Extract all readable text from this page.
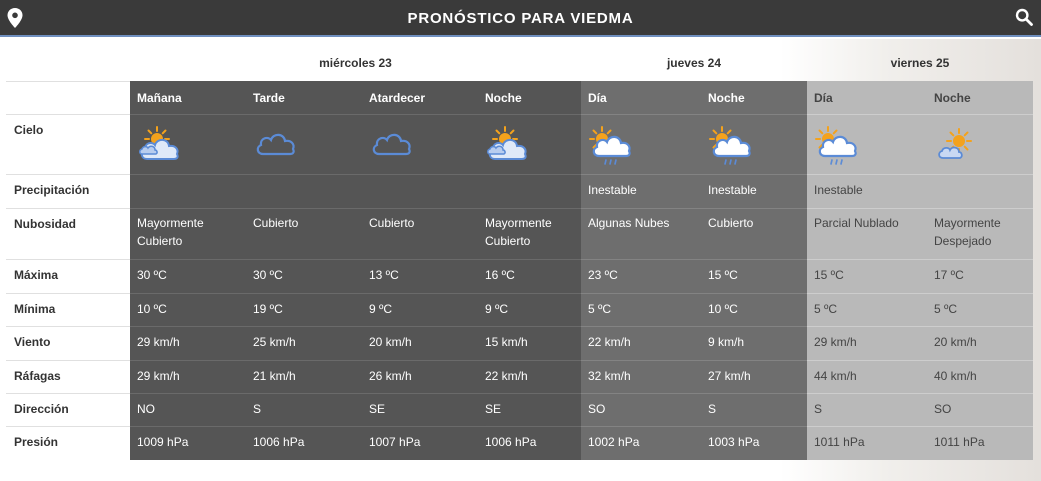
PRONÓSTICO PARA VIEDMA
miércoles 23	jueves 24	viernes 25
Cielo
Precipitación
Nubosidad
Máxima
Mínima
Viento
Ráfagas
Dirección
Presión
Mañana
Mayormente
Cubierto
30 ºC
10 ºC
29 km/h
29 km/h
NO
1009 hPa
Tarde
Cubierto
30 ºC
19 ºC
25 km/h
21 km/h
S
1006 hPa
Atardecer
Cubierto
13 ºC
9 ºC
20 km/h
26 km/h
SE
1007 hPa
Noche
Mayormente
Cubierto
16 ºC
9 ºC
15 km/h
22 km/h
SE
1006 hPa
Día
Inestable
Algunas Nubes
23 ºC
5 ºC
22 km/h
32 km/h
SO
1002 hPa
Noche
Inestable
Cubierto
15 ºC
10 ºC
9 km/h
27 km/h
S
1003 hPa
Día
Inestable
Parcial Nublado
15 ºC
5 ºC
29 km/h
44 km/h
S
1011 hPa
Noche
Mayormente
Despejado
17 ºC
5 ºC
20 km/h
40 km/h
SO
1011 hPa
